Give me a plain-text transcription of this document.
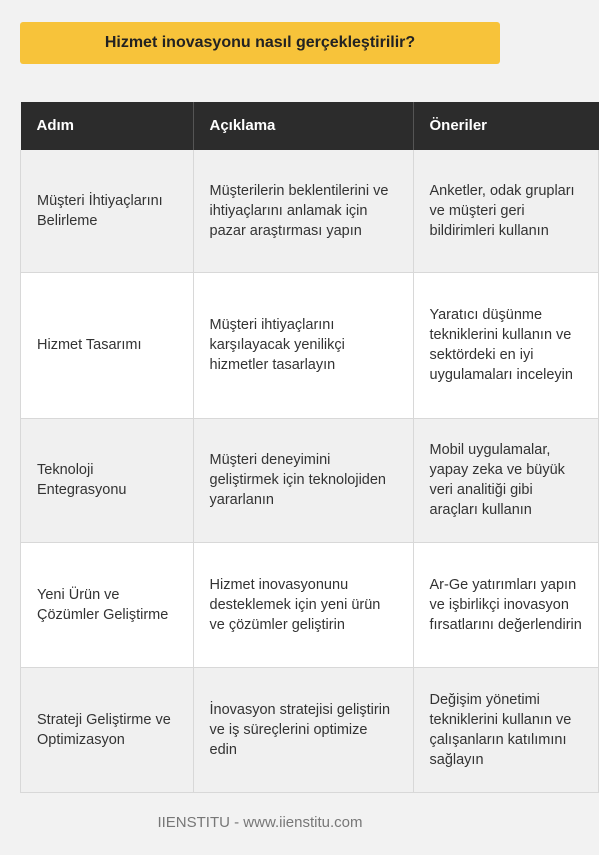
Hizmet inovasyonu nasıl gerçekleştirilir?
Adım	Açıklama	Öneriler
Müşteri İhtiyaçlarını Belirleme	Müşterilerin beklentilerini ve ihtiyaçlarını anlamak için pazar araştırması yapın	Anketler, odak grupları ve müşteri geri bildirimleri kullanın
Hizmet Tasarımı	Müşteri ihtiyaçlarını karşılayacak yenilikçi hizmetler tasarlayın	Yaratıcı düşünme tekniklerini kullanın ve sektördeki en iyi uygulamaları inceleyin
Teknoloji Entegrasyonu	Müşteri deneyimini geliştirmek için teknolojiden yararlanın	Mobil uygulamalar, yapay zeka ve büyük veri analitiği gibi araçları kullanın
Yeni Ürün ve Çözümler Geliştirme	Hizmet inovasyonunu desteklemek için yeni ürün ve çözümler geliştirin	Ar-Ge yatırımları yapın ve işbirlikçi inovasyon fırsatlarını değerlendirin
Strateji Geliştirme ve Optimizasyon	İnovasyon stratejisi geliştirin ve iş süreçlerini optimize edin	Değişim yönetimi tekniklerini kullanın ve çalışanların katılımını sağlayın
IIENSTITU - www.iienstitu.com
